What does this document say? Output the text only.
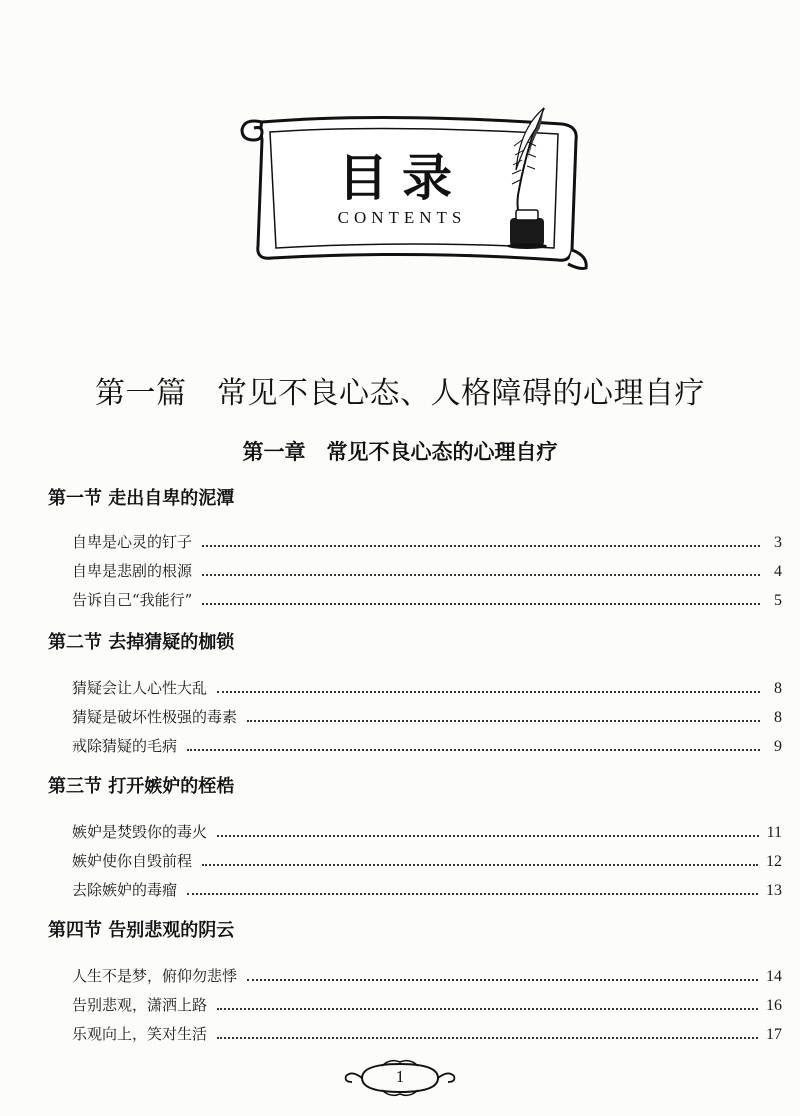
目录
CONTENTS
第一篇　常见不良心态、人格障碍的心理自疗
第一章　常见不良心态的心理自疗
第一节 走出自卑的泥潭
自卑是心灵的钉子	3
自卑是悲剧的根源	4
告诉自己“我能行”	5
第二节 去掉猜疑的枷锁
猜疑会让人心性大乱	8
猜疑是破坏性极强的毒素	8
戒除猜疑的毛病	9
第三节 打开嫉妒的桎梏
嫉妒是焚毁你的毒火	11
嫉妒使你自毁前程	12
去除嫉妒的毒瘤	13
第四节 告别悲观的阴云
人生不是梦，俯仰勿悲悸	14
告别悲观，潇洒上路	16
乐观向上，笑对生活	17
1
